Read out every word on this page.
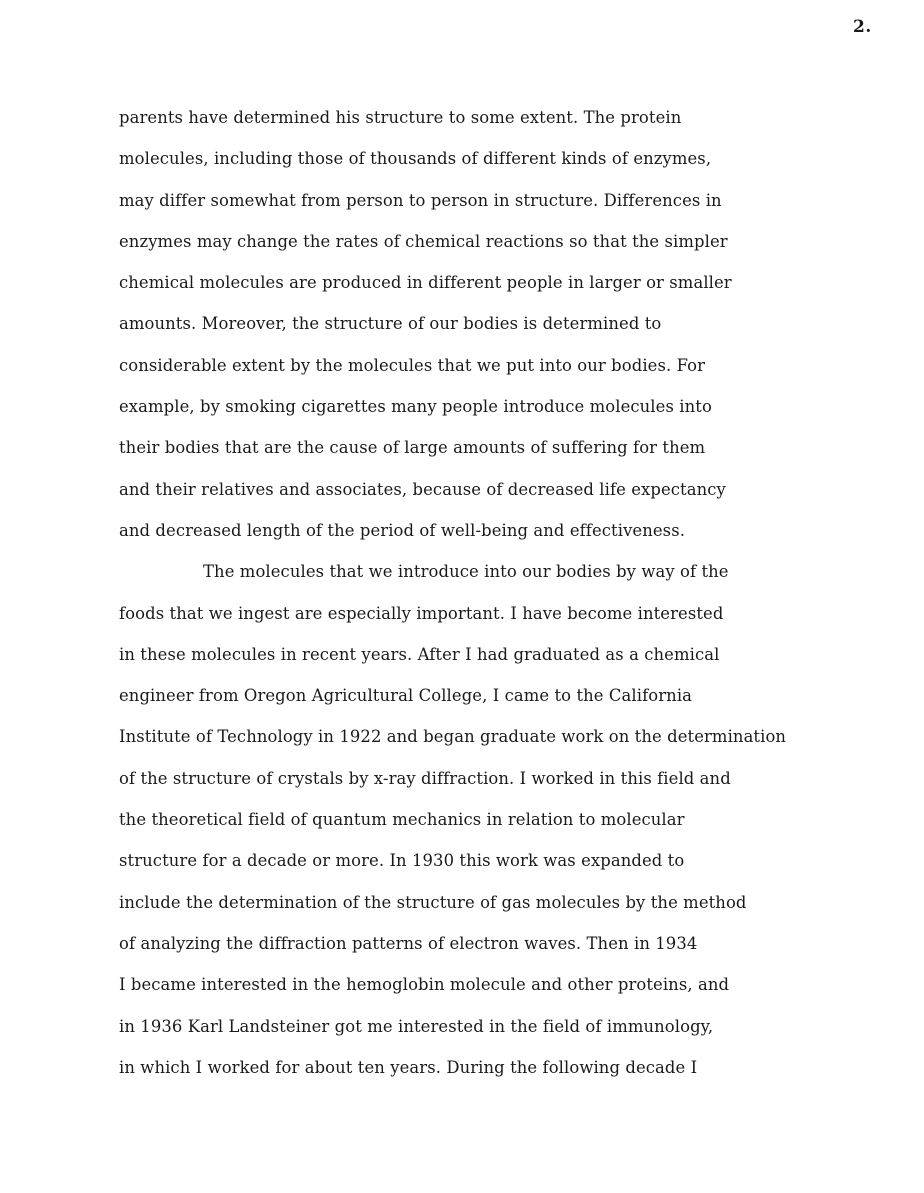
2.
parents have determined his structure to some extent. The protein
molecules, including those of thousands of different kinds of enzymes,
may differ somewhat from person to person in structure. Differences in
enzymes may change the rates of chemical reactions so that the simpler
chemical molecules are produced in different people in larger or smaller
amounts. Moreover, the structure of our bodies is determined to
considerable extent by the molecules that we put into our bodies. For
example, by smoking cigarettes many people introduce molecules into
their bodies that are the cause of large amounts of suffering for them
and their relatives and associates, because of decreased life expectancy
and decreased length of the period of well-being and effectiveness.
The molecules that we introduce into our bodies by way of the
foods that we ingest are especially important. I have become interested
in these molecules in recent years. After I had graduated as a chemical
engineer from Oregon Agricultural College, I came to the California
Institute of Technology in 1922 and began graduate work on the determination
of the structure of crystals by x-ray diffraction. I worked in this field and
the theoretical field of quantum mechanics in relation to molecular
structure for a decade or more. In 1930 this work was expanded to
include the determination of the structure of gas molecules by the method
of analyzing the diffraction patterns of electron waves. Then in 1934
I became interested in the hemoglobin molecule and other proteins, and
in 1936 Karl Landsteiner got me interested in the field of immunology,
in which I worked for about ten years. During the following decade I
